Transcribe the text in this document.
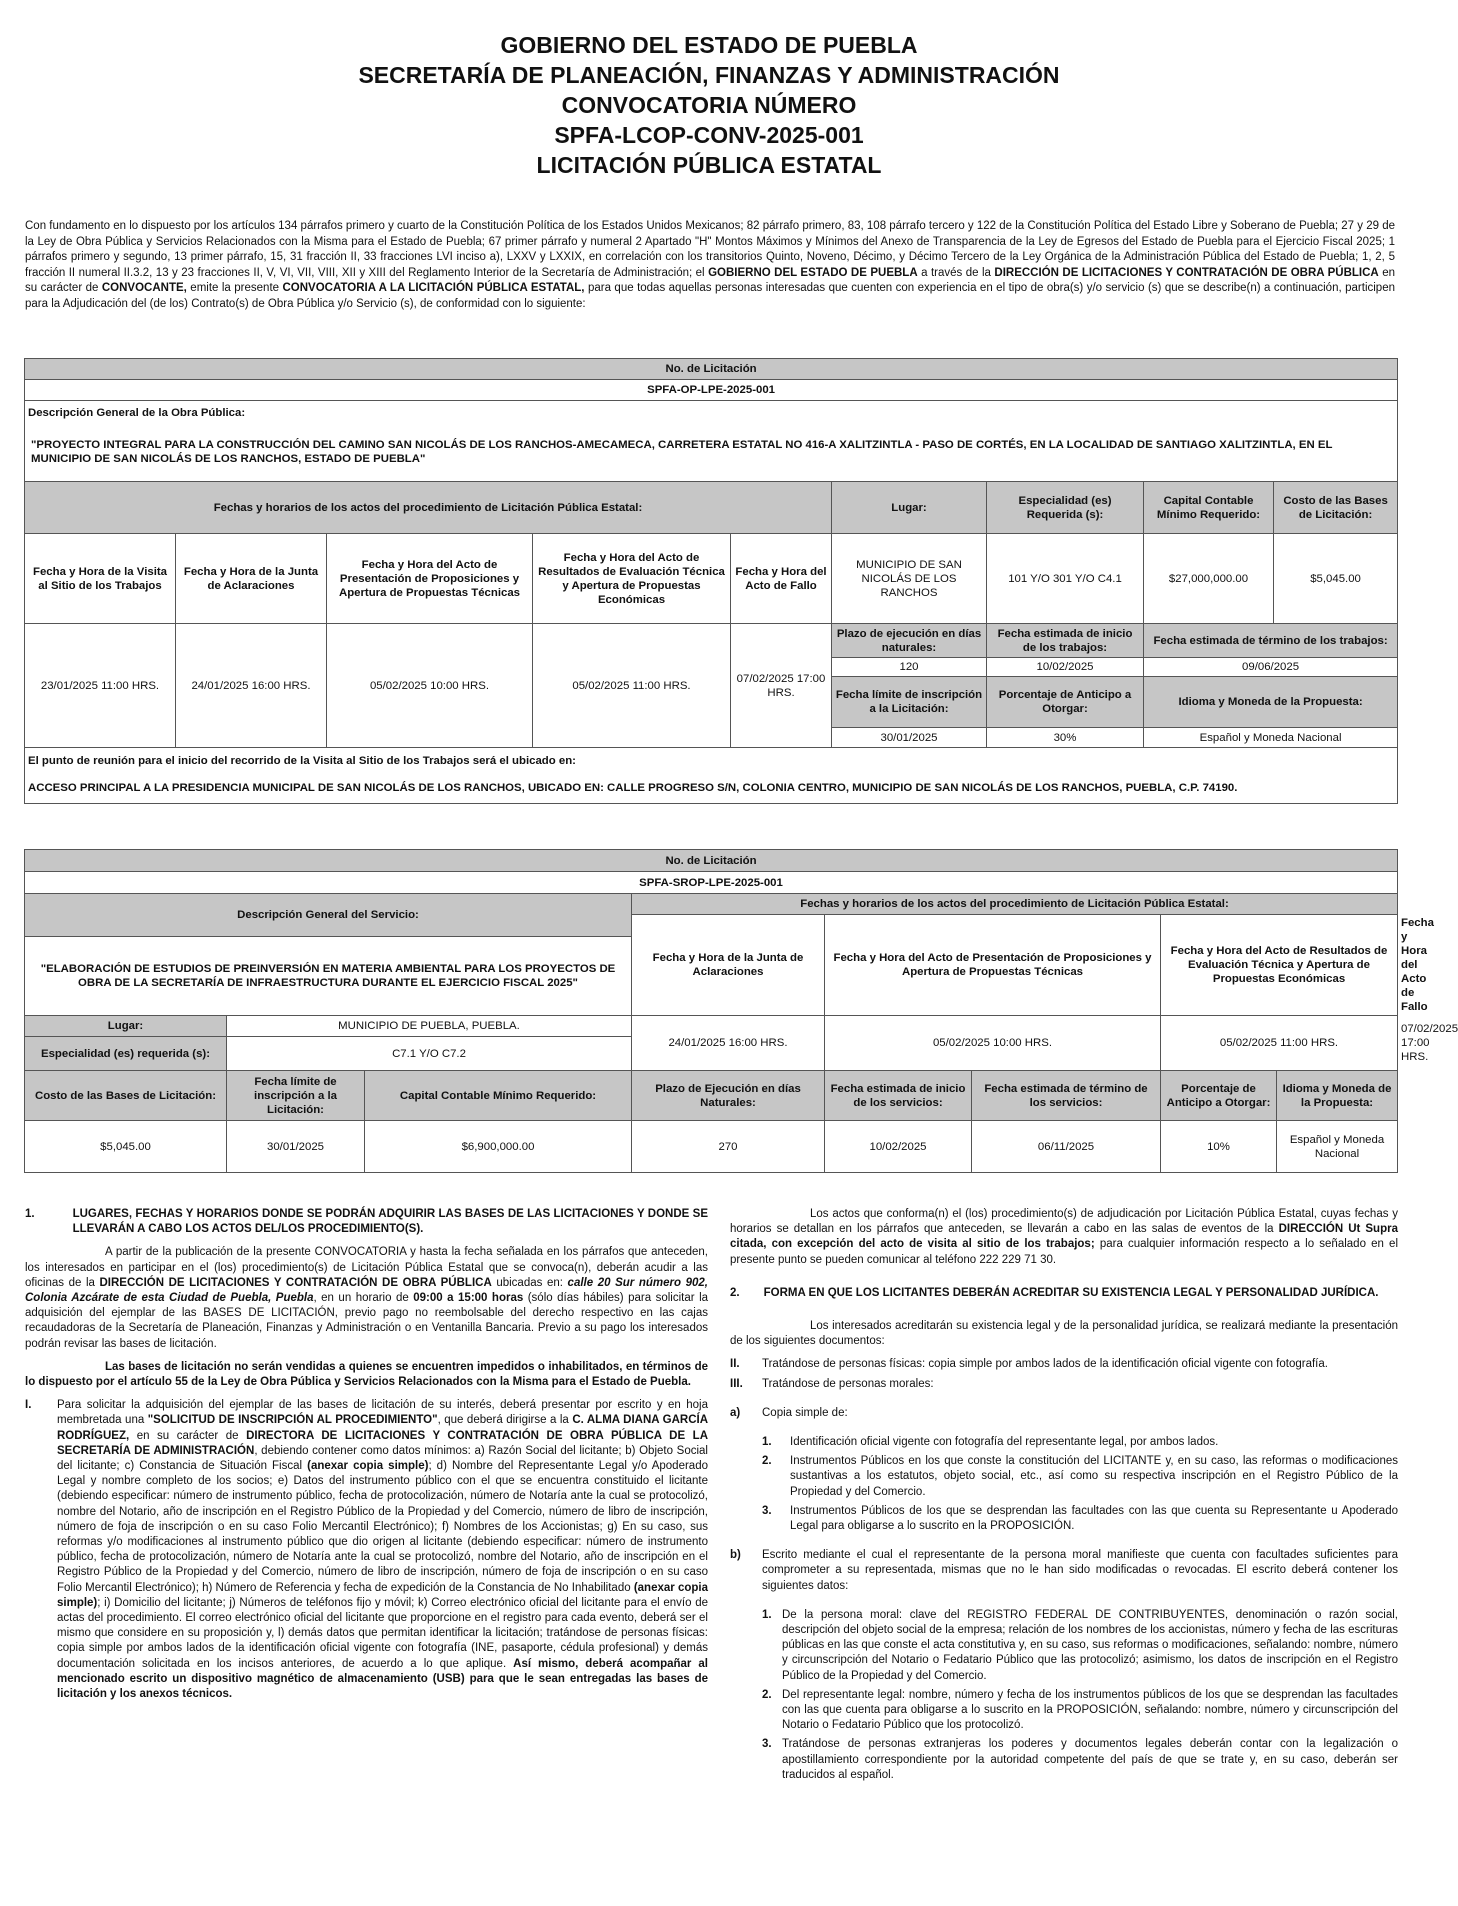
GOBIERNO DEL ESTADO DE PUEBLA
SECRETARÍA DE PLANEACIÓN, FINANZAS Y ADMINISTRACIÓN
CONVOCATORIA NÚMERO
SPFA-LCOP-CONV-2025-001
LICITACIÓN PÚBLICA ESTATAL
Con fundamento en lo dispuesto por los artículos 134 párrafos primero y cuarto de la Constitución Política de los Estados Unidos Mexicanos; 82 párrafo primero, 83, 108 párrafo tercero y 122 de la Constitución Política del Estado Libre y Soberano de Puebla; 27 y 29 de la Ley de Obra Pública y Servicios Relacionados con la Misma para el Estado de Puebla; 67 primer párrafo y numeral 2 Apartado "H" Montos Máximos y Mínimos del Anexo de Transparencia de la Ley de Egresos del Estado de Puebla para el Ejercicio Fiscal 2025; 1 párrafos primero y segundo, 13 primer párrafo, 15, 31 fracción II, 33 fracciones LVI inciso a), LXXV y LXXIX, en correlación con los transitorios Quinto, Noveno, Décimo, y Décimo Tercero de la Ley Orgánica de la Administración Pública del Estado de Puebla; 1, 2, 5 fracción II numeral II.3.2, 13 y 23 fracciones II, V, VI, VII, VIII, XII y XIII del Reglamento Interior de la Secretaría de Administración; el GOBIERNO DEL ESTADO DE PUEBLA a través de la DIRECCIÓN DE LICITACIONES Y CONTRATACIÓN DE OBRA PÚBLICA en su carácter de CONVOCANTE, emite la presente CONVOCATORIA A LA LICITACIÓN PÚBLICA ESTATAL, para que todas aquellas personas interesadas que cuenten con experiencia en el tipo de obra(s) y/o servicio (s) que se describe(n) a continuación, participen para la Adjudicación del (de los) Contrato(s) de Obra Pública y/o Servicio (s), de conformidad con lo siguiente:
No. de Licitación								
SPFA-OP-LPE-2025-001								
Descripción General de la Obra Pública:								
"PROYECTO INTEGRAL PARA LA CONSTRUCCIÓN DEL CAMINO SAN NICOLÁS DE LOS RANCHOS-AMECAMECA, CARRETERA ESTATAL NO 416-A XALITZINTLA - PASO DE CORTÉS, EN LA LOCALIDAD DE SANTIAGO XALITZINTLA, EN EL MUNICIPIO DE SAN NICOLÁS DE LOS RANCHOS, ESTADO DE PUEBLA"								
Fechas y horarios de los actos del procedimiento de Licitación Pública Estatal:					Lugar:	Especialidad (es) Requerida (s):	Capital Contable Mínimo Requerido:	Costo de las Bases de Licitación:
Fecha y Hora de la Visita al Sitio de los Trabajos	Fecha y Hora de la Junta de Aclaraciones	Fecha y Hora del Acto de Presentación de Proposiciones y Apertura de Propuestas Técnicas	Fecha y Hora del Acto de Resultados de Evaluación Técnica y Apertura de Propuestas Económicas	Fecha y Hora del Acto de Fallo	MUNICIPIO DE SAN NICOLÁS DE LOS RANCHOS	101 Y/O 301 Y/O C4.1	$27,000,000.00	$5,045.00
23/01/2025 11:00 HRS.	24/01/2025 16:00 HRS.	05/02/2025 10:00 HRS.	05/02/2025 11:00 HRS.	07/02/2025 17:00 HRS.	Plazo de ejecución en días naturales:	Fecha estimada de inicio de los trabajos:	Fecha estimada de término de los trabajos:	
					120	10/02/2025	09/06/2025	
					Fecha límite de inscripción a la Licitación:	Porcentaje de Anticipo a Otorgar:	Idioma y Moneda de la Propuesta:	
					30/01/2025	30%	Español y Moneda Nacional	
El punto de reunión para el inicio del recorrido de la Visita al Sitio de los Trabajos será el ubicado en:								
ACCESO PRINCIPAL A LA PRESIDENCIA MUNICIPAL DE SAN NICOLÁS DE LOS RANCHOS, UBICADO EN: CALLE PROGRESO S/N, COLONIA CENTRO, MUNICIPIO DE SAN NICOLÁS DE LOS RANCHOS, PUEBLA, C.P. 74190.								
No. de Licitación								
SPFA-SROP-LPE-2025-001								
Descripción General del Servicio:			Fechas y horarios de los actos del procedimiento de Licitación Pública Estatal:					
			Fecha y Hora de la Junta de Aclaraciones	Fecha y Hora del Acto de Presentación de Proposiciones y Apertura de Propuestas Técnicas		Fecha y Hora del Acto de Resultados de Evaluación Técnica y Apertura de Propuestas Económicas		Fecha y Hora del Acto de Fallo
"ELABORACIÓN DE ESTUDIOS DE PREINVERSIÓN EN MATERIA AMBIENTAL PARA LOS PROYECTOS DE OBRA DE LA SECRETARÍA DE INFRAESTRUCTURA DURANTE EL EJERCICIO FISCAL 2025"								

Lugar:	MUNICIPIO DE PUEBLA, PUEBLA.		24/01/2025 16:00 HRS.	05/02/2025 10:00 HRS.		05/02/2025 11:00 HRS.		07/02/2025 17:00 HRS.
Especialidad (es) requerida (s):	C7.1 Y/O C7.2							
Costo de las Bases de Licitación:	Fecha límite de inscripción a la Licitación:	Capital Contable Mínimo Requerido:	Plazo de Ejecución en días Naturales:	Fecha estimada de inicio de los servicios:	Fecha estimada de término de los servicios:	Porcentaje de Anticipo a Otorgar:	Idioma y Moneda de la Propuesta:	
$5,045.00	30/01/2025	$6,900,000.00	270	10/02/2025	06/11/2025	10%	Español y Moneda Nacional	
1.	LUGARES, FECHAS Y HORARIOS DONDE SE PODRÁN ADQUIRIR LAS BASES DE LAS LICITACIONES Y DONDE SE LLEVARÁN A CABO LOS ACTOS DEL/LOS PROCEDIMIENTO(S).
A partir de la publicación de la presente CONVOCATORIA y hasta la fecha señalada en los párrafos que anteceden, los interesados en participar en el (los) procedimiento(s) de Licitación Pública Estatal que se convoca(n), deberán acudir a las oficinas de la DIRECCIÓN DE LICITACIONES Y CONTRATACIÓN DE OBRA PÚBLICA ubicadas en: calle 20 Sur número 902, Colonia Azcárate de esta Ciudad de Puebla, Puebla, en un horario de 09:00 a 15:00 horas (sólo días hábiles) para solicitar la adquisición del ejemplar de las BASES DE LICITACIÓN, previo pago no reembolsable del derecho respectivo en las cajas recaudadoras de la Secretaría de Planeación, Finanzas y Administración o en Ventanilla Bancaria. Previo a su pago los interesados podrán revisar las bases de licitación.
Las bases de licitación no serán vendidas a quienes se encuentren impedidos o inhabilitados, en términos de lo dispuesto por el artículo 55 de la Ley de Obra Pública y Servicios Relacionados con la Misma para el Estado de Puebla.
I.	Para solicitar la adquisición del ejemplar de las bases de licitación de su interés, deberá presentar por escrito y en hoja membretada una "SOLICITUD DE INSCRIPCIÓN AL PROCEDIMIENTO", que deberá dirigirse a la C. ALMA DIANA GARCÍA RODRÍGUEZ, en su carácter de DIRECTORA DE LICITACIONES Y CONTRATACIÓN DE OBRA PÚBLICA DE LA SECRETARÍA DE ADMINISTRACIÓN, debiendo contener como datos mínimos: a) Razón Social del licitante; b) Objeto Social del licitante; c) Constancia de Situación Fiscal (anexar copia simple); d) Nombre del Representante Legal y/o Apoderado Legal y nombre completo de los socios; e) Datos del instrumento público con el que se encuentra constituido el licitante (debiendo especificar: número de instrumento público, fecha de protocolización, número de Notaría ante la cual se protocolizó, nombre del Notario, año de inscripción en el Registro Público de la Propiedad y del Comercio, número de libro de inscripción, número de foja de inscripción o en su caso Folio Mercantil Electrónico); f) Nombres de los Accionistas; g) En su caso, sus reformas y/o modificaciones al instrumento público que dio origen al licitante (debiendo especificar: número de instrumento público, fecha de protocolización, número de Notaría ante la cual se protocolizó, nombre del Notario, año de inscripción en el Registro Público de la Propiedad y del Comercio, número de libro de inscripción, número de foja de inscripción o en su caso Folio Mercantil Electrónico); h) Número de Referencia y fecha de expedición de la Constancia de No Inhabilitado (anexar copia simple); i) Domicilio del licitante; j) Números de teléfonos fijo y móvil; k) Correo electrónico oficial del licitante para el envío de actas del procedimiento. El correo electrónico oficial del licitante que proporcione en el registro para cada evento, deberá ser el mismo que considere en su proposición y, l) demás datos que permitan identificar la licitación; tratándose de personas físicas: copia simple por ambos lados de la identificación oficial vigente con fotografía (INE, pasaporte, cédula profesional) y demás documentación solicitada en los incisos anteriores, de acuerdo a lo que aplique. Así mismo, deberá acompañar al mencionado escrito un dispositivo magnético de almacenamiento (USB) para que le sean entregadas las bases de licitación y los anexos técnicos.
Los actos que conforma(n) el (los) procedimiento(s) de adjudicación por Licitación Pública Estatal, cuyas fechas y horarios se detallan en los párrafos que anteceden, se llevarán a cabo en las salas de eventos de la DIRECCIÓN Ut Supra citada, con excepción del acto de visita al sitio de los trabajos; para cualquier información respecto a lo señalado en el presente punto se pueden comunicar al teléfono 222 229 71 30.
2. FORMA EN QUE LOS LICITANTES DEBERÁN ACREDITAR SU EXISTENCIA LEGAL Y PERSONALIDAD JURÍDICA.
Los interesados acreditarán su existencia legal y de la personalidad jurídica, se realizará mediante la presentación de los siguientes documentos:
II.	Tratándose de personas físicas: copia simple por ambos lados de la identificación oficial vigente con fotografía.
III.	Tratándose de personas morales:
a)	Copia simple de:
1.	Identificación oficial vigente con fotografía del representante legal, por ambos lados.
2.	Instrumentos Públicos en los que conste la constitución del LICITANTE y, en su caso, las reformas o modificaciones sustantivas a los estatutos, objeto social, etc., así como su respectiva inscripción en el Registro Público de la Propiedad y del Comercio.
3.	Instrumentos Públicos de los que se desprendan las facultades con las que cuenta su Representante u Apoderado Legal para obligarse a lo suscrito en la PROPOSICIÓN.
b)	Escrito mediante el cual el representante de la persona moral manifieste que cuenta con facultades suficientes para comprometer a su representada, mismas que no le han sido modificadas o revocadas. El escrito deberá contener los siguientes datos:
1. De la persona moral: clave del REGISTRO FEDERAL DE CONTRIBUYENTES, denominación o razón social, descripción del objeto social de la empresa; relación de los nombres de los accionistas, número y fecha de las escrituras públicas en las que conste el acta constitutiva y, en su caso, sus reformas o modificaciones, señalando: nombre, número y circunscripción del Notario o Fedatario Público que las protocolizó; asimismo, los datos de inscripción en el Registro Público de la Propiedad y del Comercio.
2. Del representante legal: nombre, número y fecha de los instrumentos públicos de los que se desprendan las facultades con las que cuenta para obligarse a lo suscrito en la PROPOSICIÓN, señalando: nombre, número y circunscripción del Notario o Fedatario Público que los protocolizó.
3. Tratándose de personas extranjeras los poderes y documentos legales deberán contar con la legalización o apostillamiento correspondiente por la autoridad competente del país de que se trate y, en su caso, deberán ser traducidos al español.
